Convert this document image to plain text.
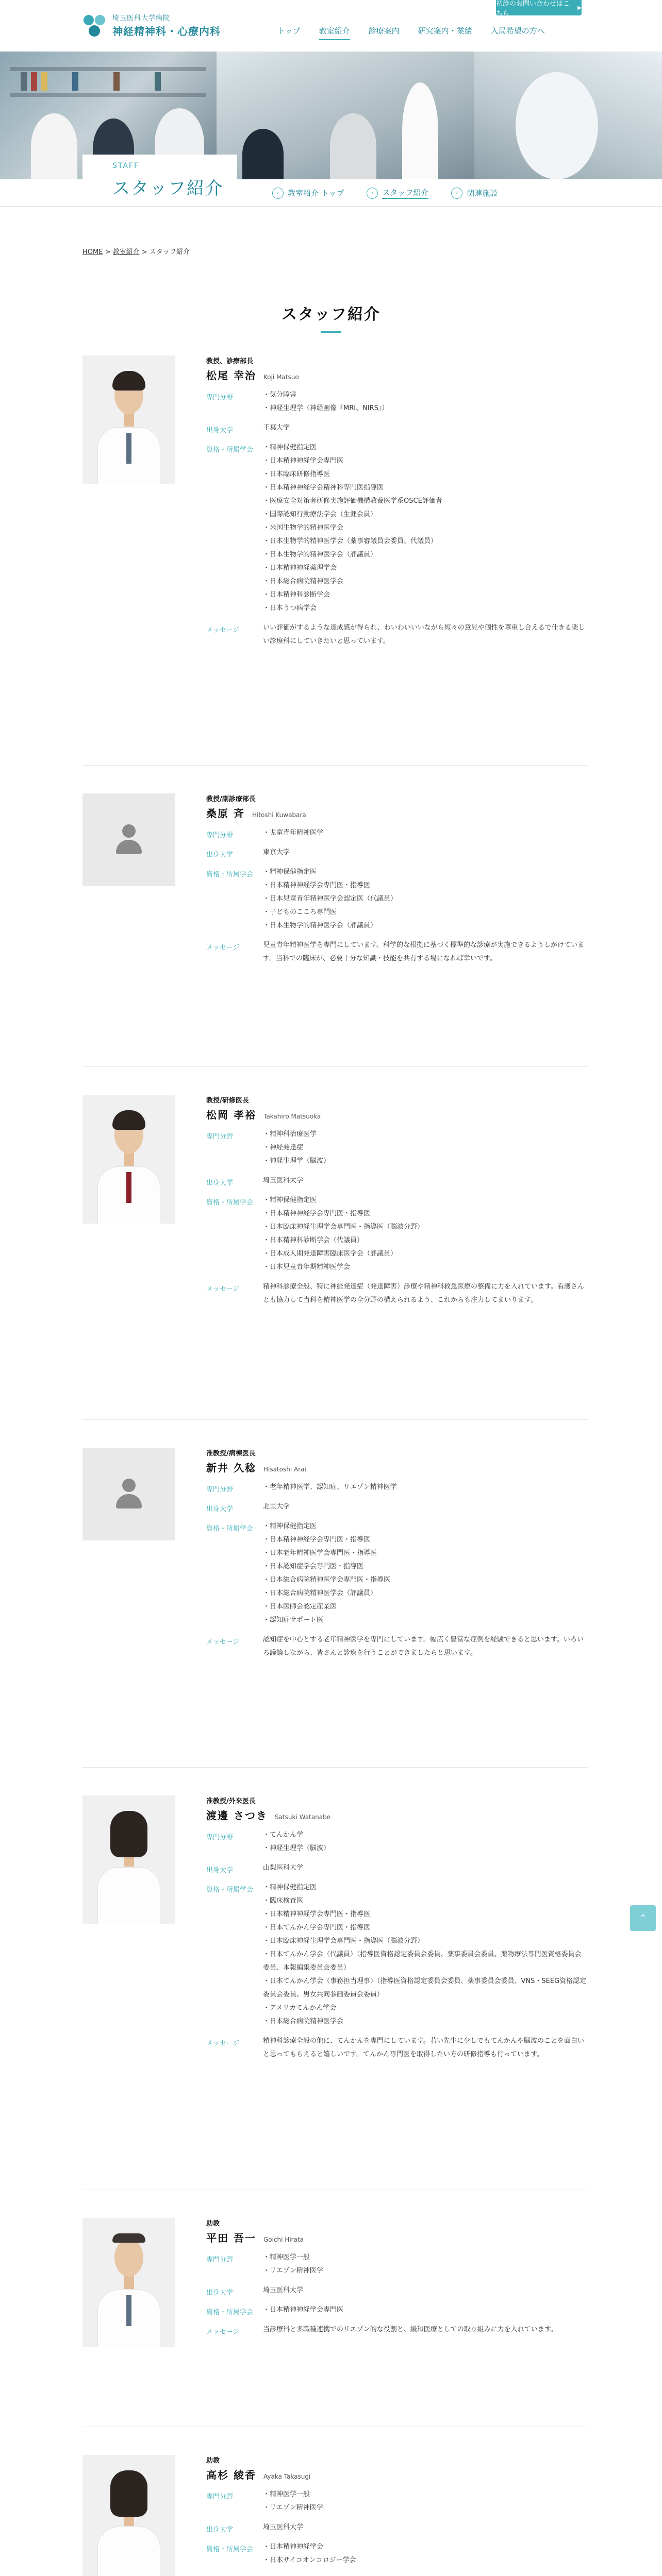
埼玉医科大学病院
神経精神科・心療内科
初診のお問い合わせはこちら
▶
トップ	教室紹介	診療案内	研究案内・業績	入局希望の方へ
STAFF
スタッフ紹介	›	教室紹介 トップ	›	スタッフ紹介	›	関連施設
HOME > 教室紹介 > スタッフ紹介
スタッフ紹介
教授、診療部長
松尾 幸治 Koji Matsuo
専門分野	・ 気分障害
・ 神経生理学（神経画像『MRI、NIRS』）
出身大学	千葉大学

資格・所属学会	・ 精神保健指定医
・ 日本精神神経学会専門医
・ 日本臨床研修指導医
・ 日本精神神経学会精神科専門医指導医
・ 医療安全対策者研修実施評価機構教養医学系OSCE評価者
・ 国際認知行動療法学会（生涯会員）
・ 米国生物学的精神医学会
・ 日本生物学的精神医学会（薬事審議員会委員、代議員）
・ 日本生物学的精神医学会（評議員）
・ 日本精神神経薬理学会
・ 日本総合病院精神医学会
・ 日本精神科診断学会
・ 日本うつ病学会
メッセージ	いい評価がするような達成感が得られ、わいわいいいながら短々の意見や個性を尊重し合えるで仕きる楽しい診療科にしていきたいと思っています。

教授/副診療部長
桑原 斉 Hitoshi Kuwabara
専門分野	・ 児童青年精神医学
出身大学	東京大学

資格・所属学会	・ 精神保健指定医
・ 日本精神神経学会専門医・指導医
・ 日本児童青年精神医学会認定医（代議員）
・ 子どものこころ専門医
・ 日本生物学的精神医学会（評議員）
メッセージ	児童青年精神医学を専門にしています。科学的な根拠に基づく標準的な診療が実施できるようしがけています。当科での臨床が、必要十分な知識・技能を共有する場になれば幸いです。

教授/研修医長
松岡 孝裕 Takahiro Matsuoka
専門分野	・ 精神科治療医学
・ 神経発達症
・ 神経生理学（脳波）
出身大学	埼玉医科大学

資格・所属学会	・ 精神保健指定医
・ 日本精神神経学会専門医・指導医
・ 日本臨床神経生理学会専門医・指導医（脳波分野）
・ 日本精神科診断学会（代議員）
・ 日本成人期発達障害臨床医学会（評議員）
・ 日本児童青年期精神医学会
メッセージ	精神科診療全般、特に神経発達症（発達障害）診療や精神科救急医療の整備に力を入れています。看護さんとも協力して当科を精神医学の全分野の構えられるよう、これからも注力してまいります。

准教授/病棟医長
新井 久稔 Hisatoshi Arai
専門分野	・ 老年精神医学、認知症、リエゾン精神医学
出身大学	北里大学

資格・所属学会	・ 精神保健指定医
・ 日本精神神経学会専門医・指導医
・ 日本老年精神医学会専門医・指導医
・ 日本認知症学会専門医・指導医
・ 日本総合病院精神医学会専門医・指導医
・ 日本総合病院精神医学会（評議員）
・ 日本医師会認定産業医
・ 認知症サポート医
メッセージ	認知症を中心とする老年精神医学を専門にしています。幅広く豊富な症例を経験できると思います。いろいろ議論しながら、皆さんと診療を行うことができましたらと思います。

准教授/外来医長
渡邊 さつき Satsuki Watanabe
専門分野	・ てんかん学
・ 神経生理学（脳波）
出身大学	山梨医科大学

資格・所属学会	・ 精神保健指定医
・ 臨床検査医
・ 日本精神神経学会専門医・指導医
・ 日本てんかん学会専門医・指導医
・ 日本臨床神経生理学会専門医・指導医（脳波分野）
・ 日本てんかん学会（代議員）（指導医資格認定委員会委員、薬事委員会委員、薬物療法専門医資格委員会委員、本報編集委員会委員）
・ 日本てんかん学会（事務担当理事）（指導医資格認定委員会委員、薬事委員会委員、VNS・SEEG資格認定委員会委員、男女共同参画委員会委員）
・ アメリカてんかん学会
・ 日本総合病院精神医学会
メッセージ	精神科診療全般の他に、てんかんを専門にしています。若い先生に少しでもてんかんや脳波のことを面白いと思ってもらえると嬉しいです。てんかん専門医を取得したい方の研修指導も行っています。

助教
平田 吾一 Goichi Hirata
専門分野	・ 精神医学一般
・ リエゾン精神医学
出身大学	埼玉医科大学

資格・所属学会	・ 日本精神神経学会専門医
メッセージ	当診療科と多職種連携でのリエゾン的な役割と、緩和医療としての取り組みに力を入れています。

助教
高杉 綾香 Ayaka Takasugi
専門分野	・ 精神医学一般
・ リエゾン精神医学
出身大学	埼玉医科大学

資格・所属学会	・ 日本精神神経学会
・ 日本サイコオンコロジー学会

⌃
